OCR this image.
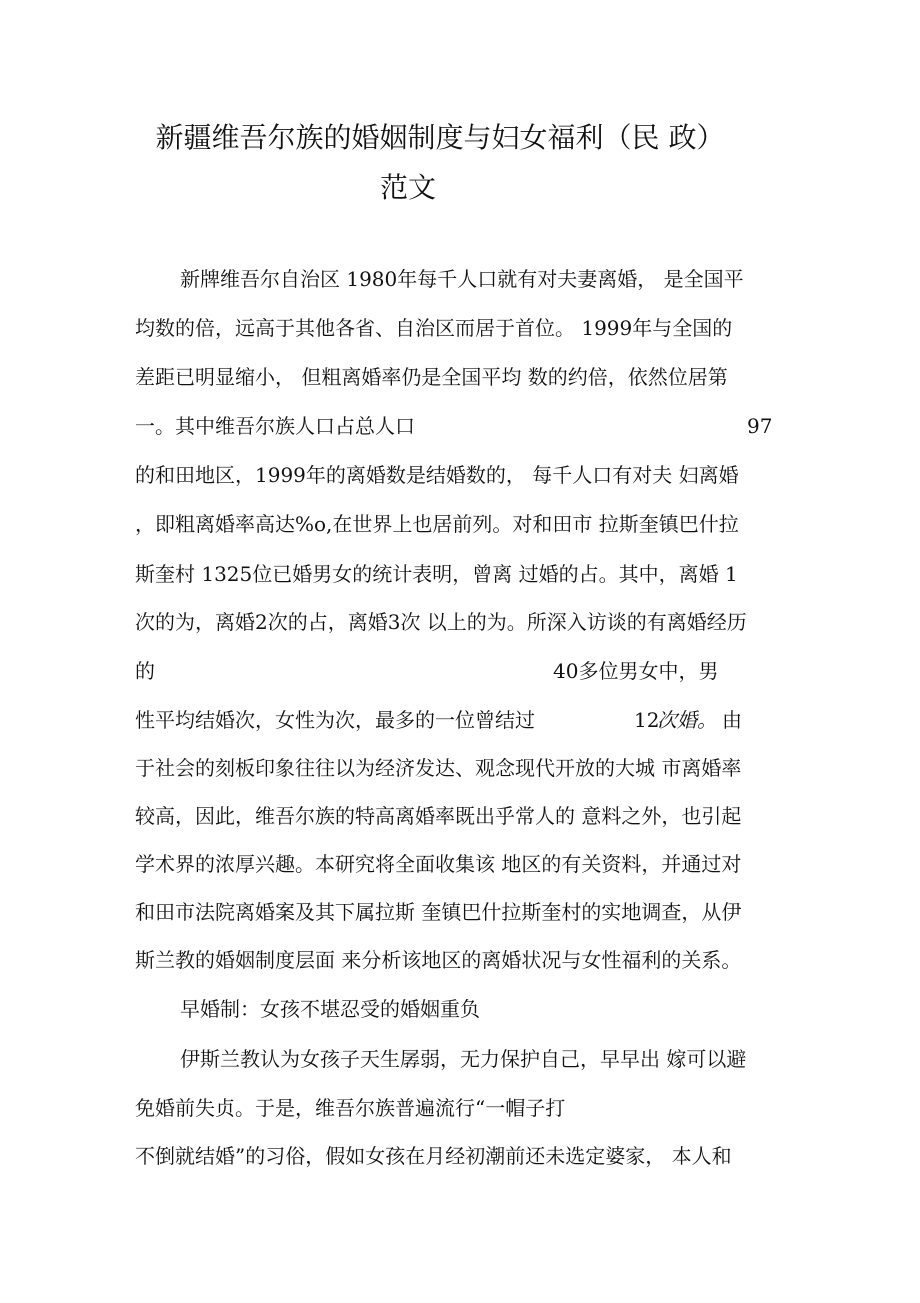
新疆维吾尔族的婚姻制度与妇女福利（民 政）
范文

新牌维吾尔自治区 1980年每千人口就有对夫妻离婚， 是全国平

均数的倍，远高于其他各省、自治区而居于首位。 1999年与全国的

差距已明显缩小， 但粗离婚率仍是全国平均 数的约倍，依然位居第

一。其中维吾尔族人口占总人口	97

的和田地区，1999年的离婚数是结婚数的， 每千人口有对夫 妇离婚

，即粗离婚率高达%o,在世界上也居前列。对和田市 拉斯奎镇巴什拉

斯奎村 1325位已婚男女的统计表明，曾离 过婚的占。其中，离婚 1

次的为，离婚2次的占，离婚3次 以上的为。所深入访谈的有离婚经历

的	40多位男女中，男

性平均结婚次，女性为次，最多的一位曾结过	12

次婚。 由

于社会的刻板印象往往以为经济发达、观念现代开放的大城 市离婚率

较高，因此，维吾尔族的特高离婚率既出乎常人的 意料之外，也引起

学术界的浓厚兴趣。本研究将全面收集该 地区的有关资料，并通过对

和田市法院离婚案及其下属拉斯 奎镇巴什拉斯奎村的实地调查，从伊

斯兰教的婚姻制度层面 来分析该地区的离婚状况与女性福利的关系。

早婚制：女孩不堪忍受的婚姻重负

伊斯兰教认为女孩子天生孱弱，无力保护自己，早早出 嫁可以避

免婚前失贞。于是，维吾尔族普遍流行“一帽子打

不倒就结婚”的习俗，假如女孩在月经初潮前还未选定婆家， 本人和
